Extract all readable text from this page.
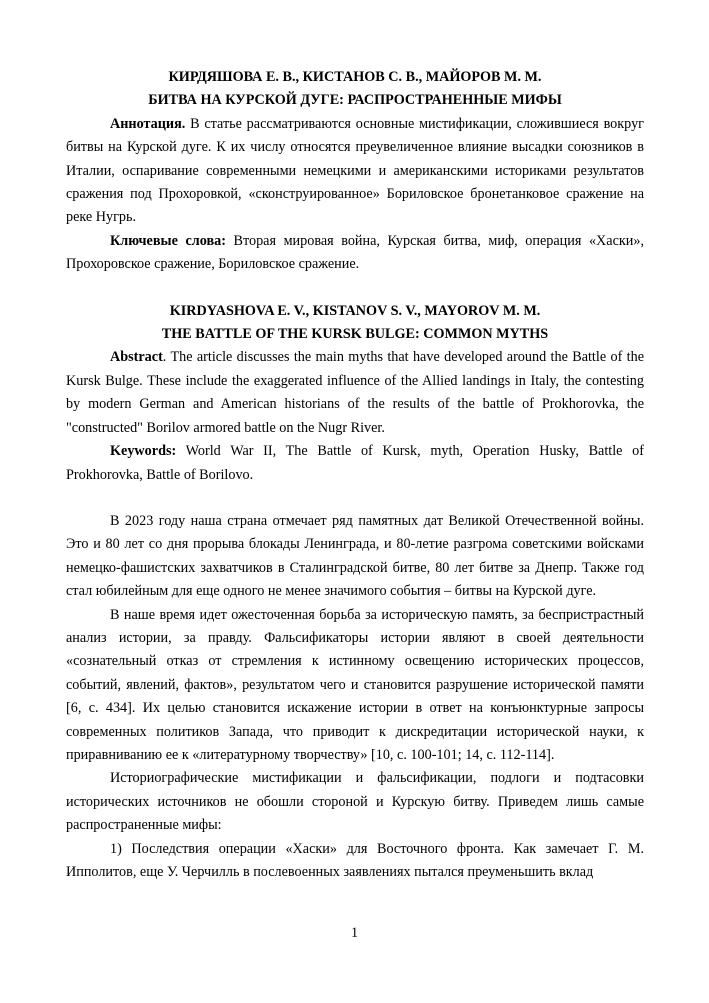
КИРДЯШОВА Е. В., КИСТАНОВ С. В., МАЙОРОВ М. М.

БИТВА НА КУРСКОЙ ДУГЕ: РАСПРОСТРАНЕННЫЕ МИФЫ

Аннотация. В статье рассматриваются основные мистификации, сложившиеся вокруг битвы на Курской дуге. К их числу относятся преувеличенное влияние высадки союзников в Италии, оспаривание современными немецкими и американскими историками результатов сражения под Прохоровкой, «сконструированное» Бориловское бронетанковое сражение на реке Нугрь.

Ключевые слова: Вторая мировая война, Курская битва, миф, операция «Хаски», Прохоровское сражение, Бориловское сражение.

KIRDYASHOVA E. V., KISTANOV S. V., MAYOROV M. M.

THE BATTLE OF THE KURSK BULGE: COMMON MYTHS

Abstract. The article discusses the main myths that have developed around the Battle of the Kursk Bulge. These include the exaggerated influence of the Allied landings in Italy, the contesting by modern German and American historians of the results of the battle of Prokhorovka, the "constructed" Borilov armored battle on the Nugr River.

Keywords: World War II, The Battle of Kursk, myth, Operation Husky, Battle of Prokhorovka, Battle of Borilovo.

В 2023 году наша страна отмечает ряд памятных дат Великой Отечественной войны. Это и 80 лет со дня прорыва блокады Ленинграда, и 80-летие разгрома советскими войсками немецко-фашистских захватчиков в Сталинградской битве, 80 лет битве за Днепр. Также год стал юбилейным для еще одного не менее значимого события – битвы на Курской дуге.

В наше время идет ожесточенная борьба за историческую память, за беспристрастный анализ истории, за правду. Фальсификаторы истории являют в своей деятельности «сознательный отказ от стремления к истинному освещению исторических процессов, событий, явлений, фактов», результатом чего и становится разрушение исторической памяти [6, с. 434]. Их целью становится искажение истории в ответ на конъюнктурные запросы современных политиков Запада, что приводит к дискредитации исторической науки, к приравниванию ее к «литературному творчеству» [10, с. 100-101; 14, с. 112-114].

Историографические мистификации и фальсификации, подлоги и подтасовки исторических источников не обошли стороной и Курскую битву. Приведем лишь самые распространенные мифы:

1) Последствия операции «Хаски» для Восточного фронта. Как замечает Г. М. Ипполитов, еще У. Черчилль в послевоенных заявлениях пытался преуменьшить вклад

1
